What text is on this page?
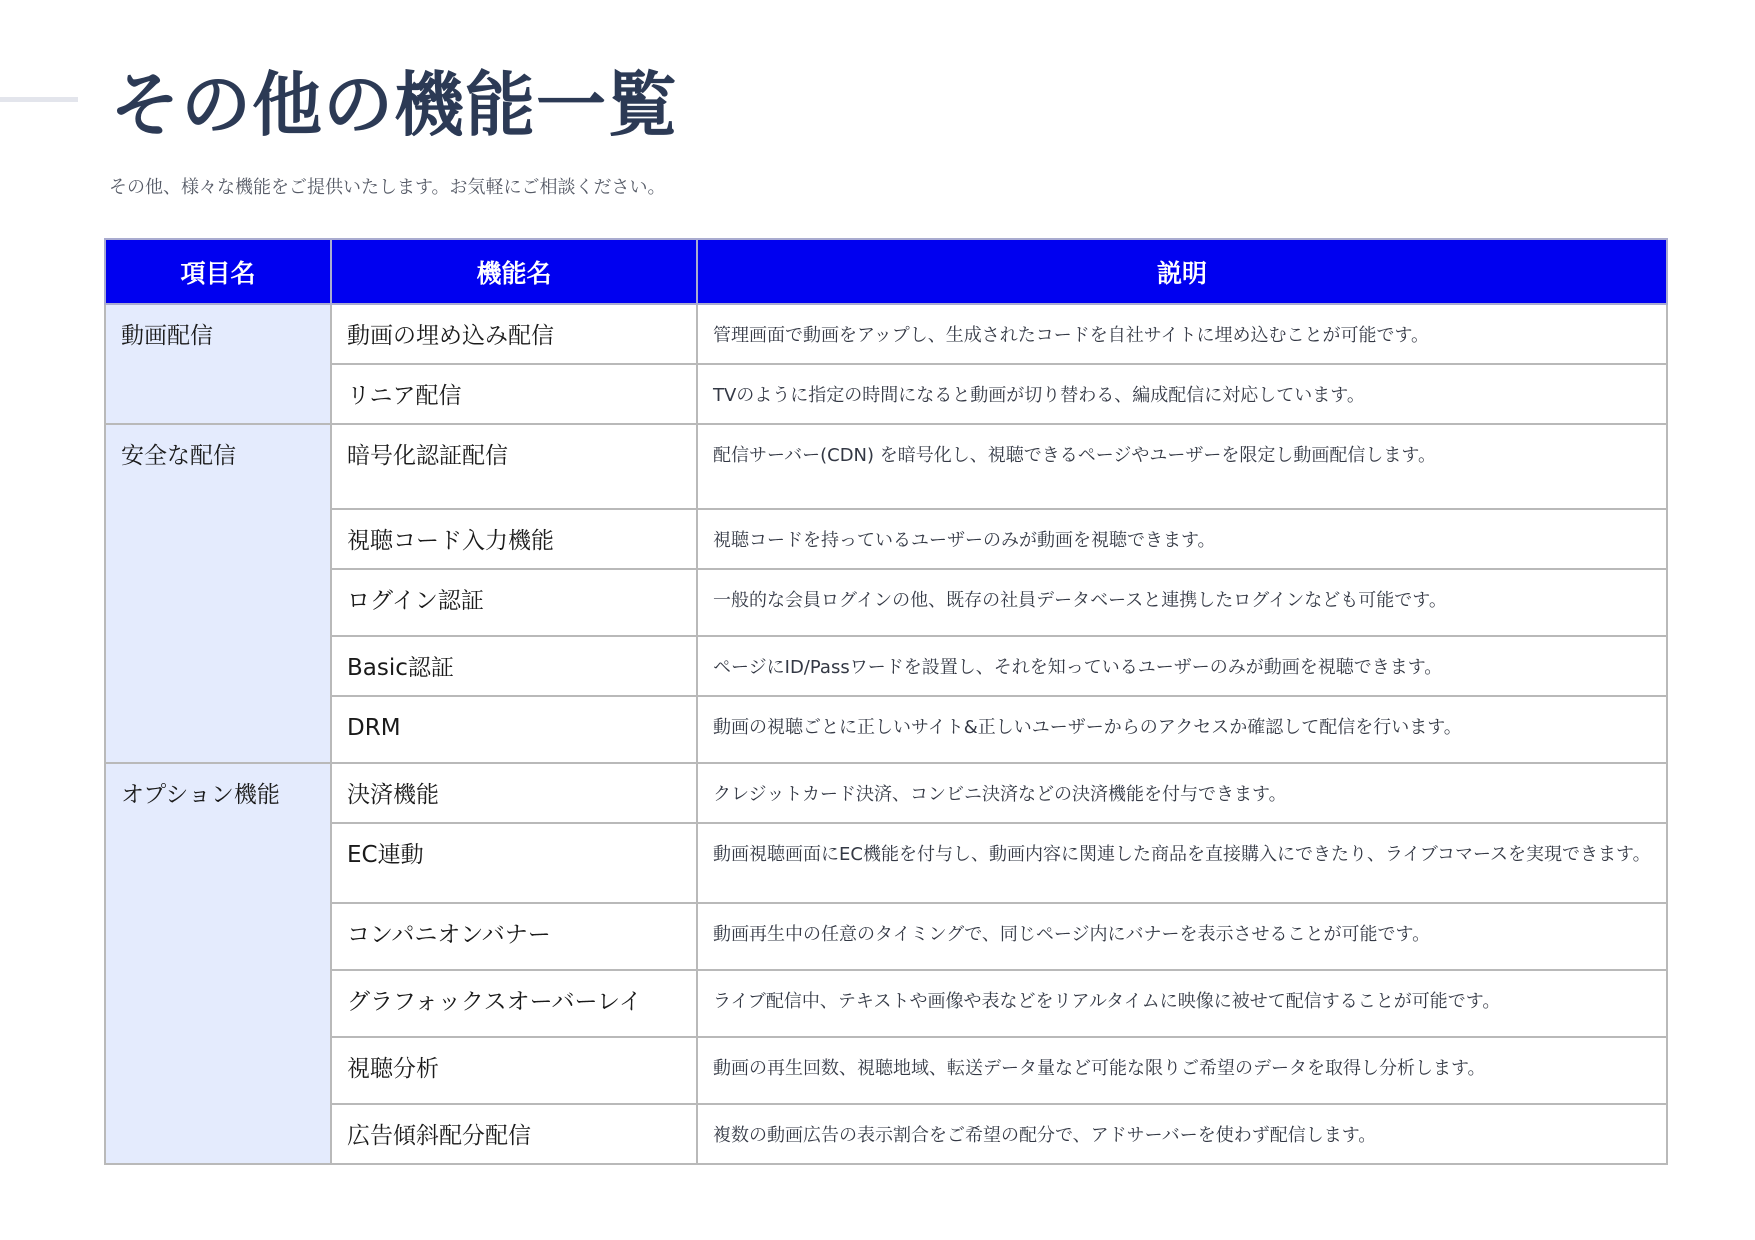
その他の機能一覧

その他、様々な機能をご提供いたします。お気軽にご相談ください。

項目名	機能名	説明
動画配信	動画の埋め込み配信	管理画面で動画をアップし、生成されたコードを自社サイトに埋め込むことが可能です。
	リニア配信	TVのように指定の時間になると動画が切り替わる、編成配信に対応しています。
安全な配信	暗号化認証配信	配信サーバー(CDN) を暗号化し、視聴できるページやユーザーを限定し動画配信します。
	視聴コード入力機能	視聴コードを持っているユーザーのみが動画を視聴できます。
	ログイン認証	一般的な会員ログインの他、既存の社員データベースと連携したログインなども可能です。
	Basic認証	ページにID/Passワードを設置し、それを知っているユーザーのみが動画を視聴できます。
	DRM	動画の視聴ごとに正しいサイト&正しいユーザーからのアクセスか確認して配信を行います。
オプション機能	決済機能	クレジットカード決済、コンビニ決済などの決済機能を付与できます。
	EC連動	動画視聴画面にEC機能を付与し、動画内容に関連した商品を直接購入にできたり、ライブコマースを実現できます。
	コンパニオンバナー	動画再生中の任意のタイミングで、同じページ内にバナーを表示させることが可能です。
	グラフォックスオーバーレイ	ライブ配信中、テキストや画像や表などをリアルタイムに映像に被せて配信することが可能です。
	視聴分析	動画の再生回数、視聴地域、転送データ量など可能な限りご希望のデータを取得し分析します。
	広告傾斜配分配信	複数の動画広告の表示割合をご希望の配分で、アドサーバーを使わず配信します。
